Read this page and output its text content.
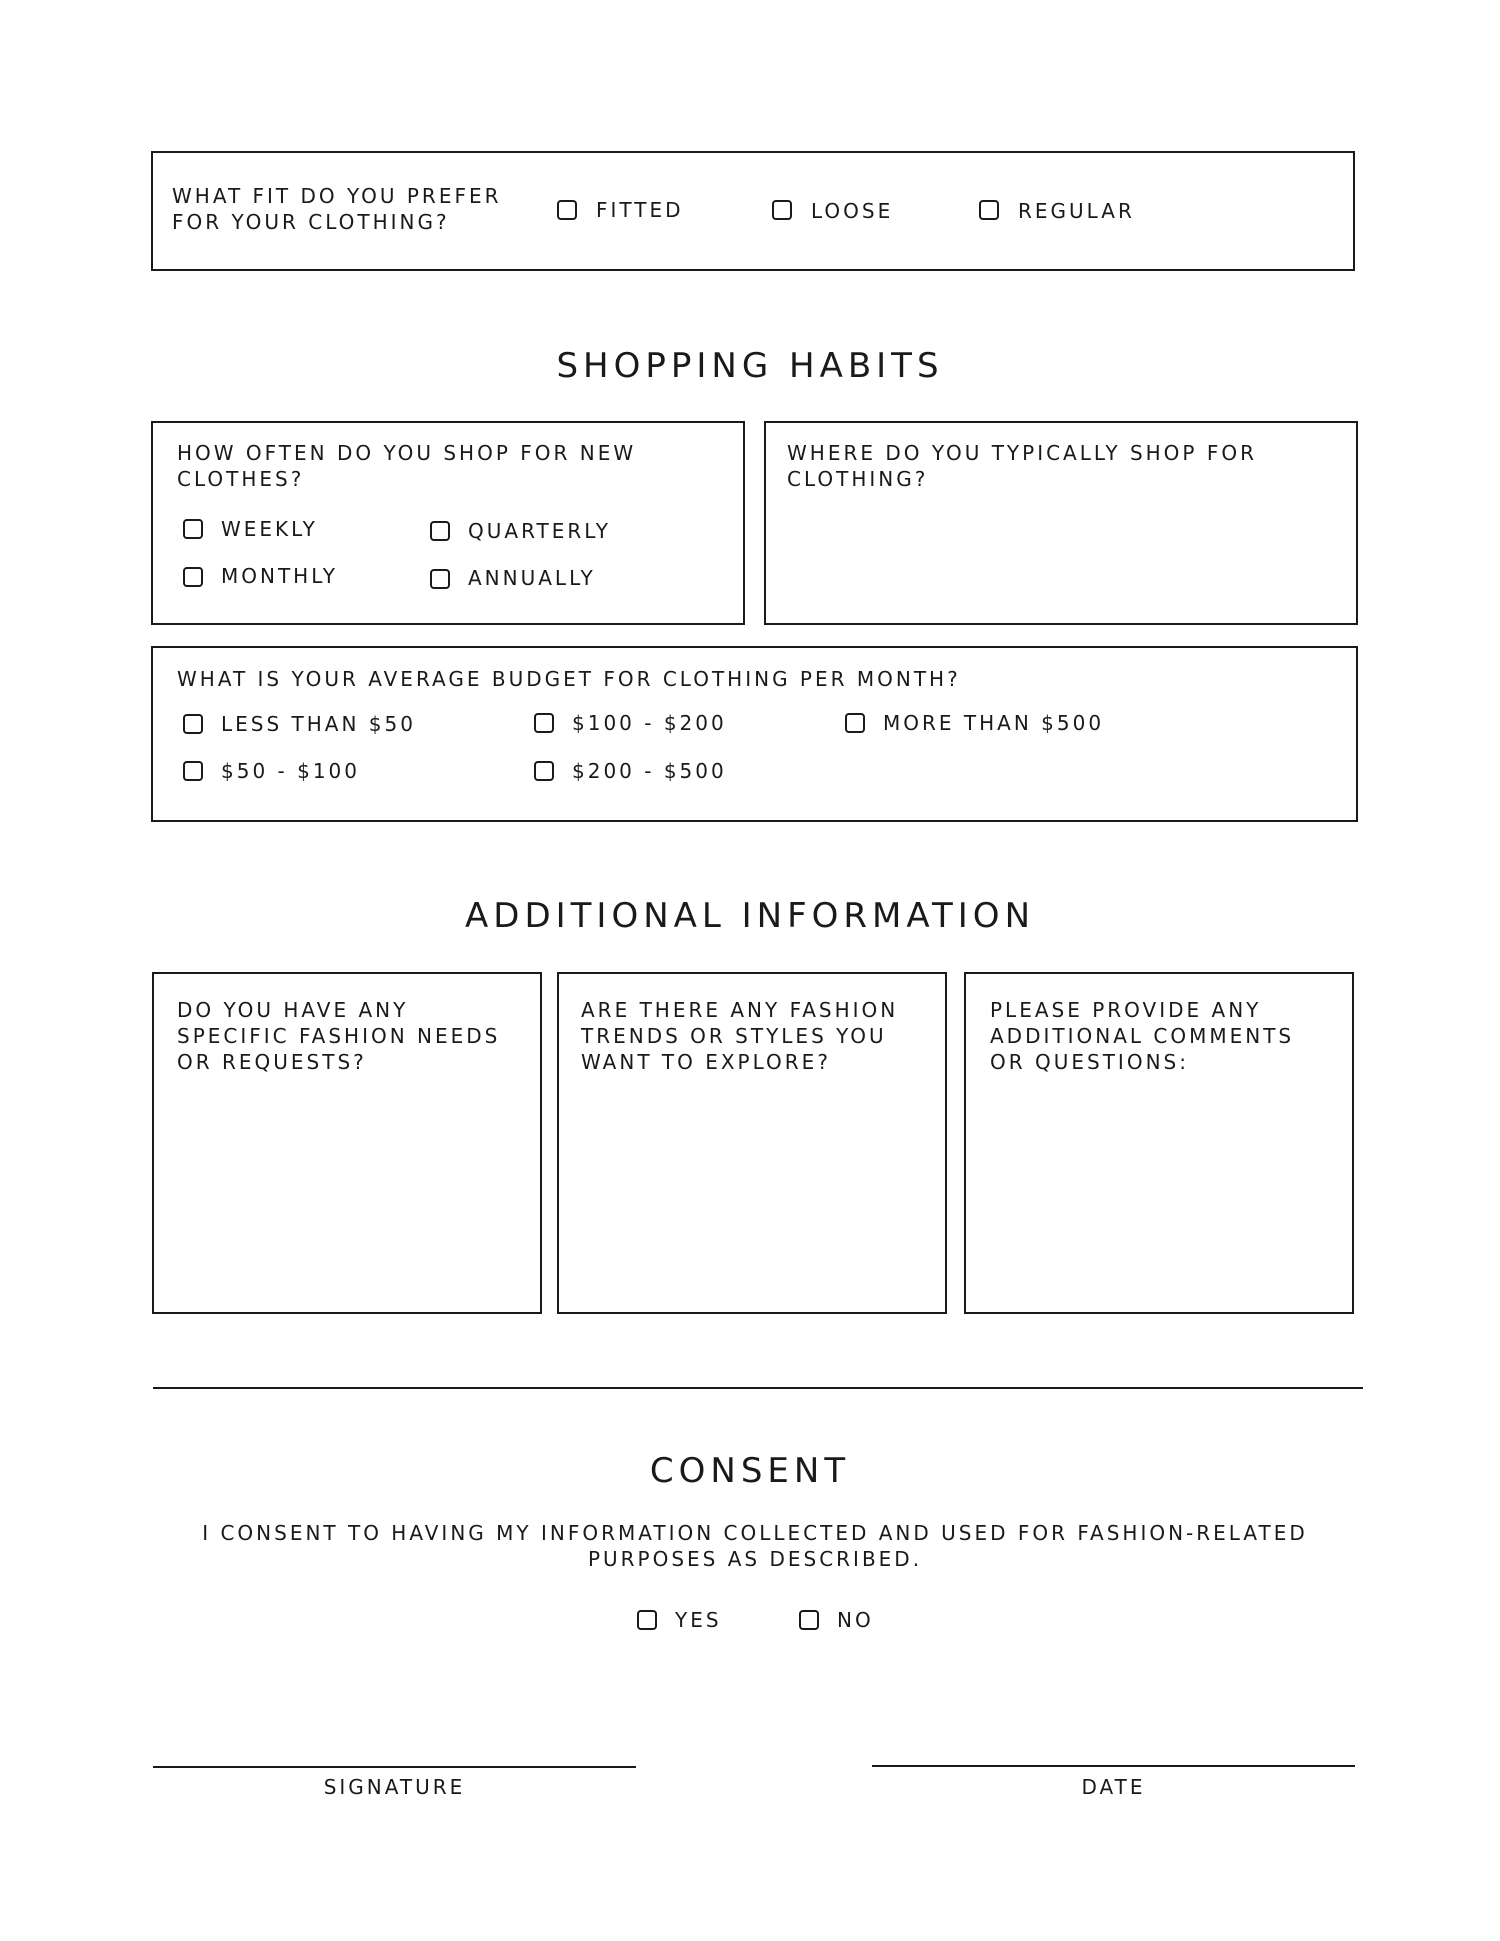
WHAT FIT DO YOU PREFER FOR YOUR CLOTHING?	FITTED	LOOSE	REGULAR
SHOPPING HABITS
HOW OFTEN DO YOU SHOP FOR NEW CLOTHES?
WEEKLY
MONTHLY
QUARTERLY
ANNUALLY
WHERE DO YOU TYPICALLY SHOP FOR CLOTHING?
WHAT IS YOUR AVERAGE BUDGET FOR CLOTHING PER MONTH?
LESS THAN $50
$50 - $100
$100 - $200
$200 - $500
MORE THAN $500
ADDITIONAL INFORMATION
DO YOU HAVE ANY SPECIFIC FASHION NEEDS OR REQUESTS?
ARE THERE ANY FASHION TRENDS OR STYLES YOU WANT TO EXPLORE?
PLEASE PROVIDE ANY ADDITIONAL COMMENTS OR QUESTIONS:
CONSENT
I CONSENT TO HAVING MY INFORMATION COLLECTED AND USED FOR FASHION-RELATED PURPOSES AS DESCRIBED.
YES	NO
SIGNATURE	DATE
